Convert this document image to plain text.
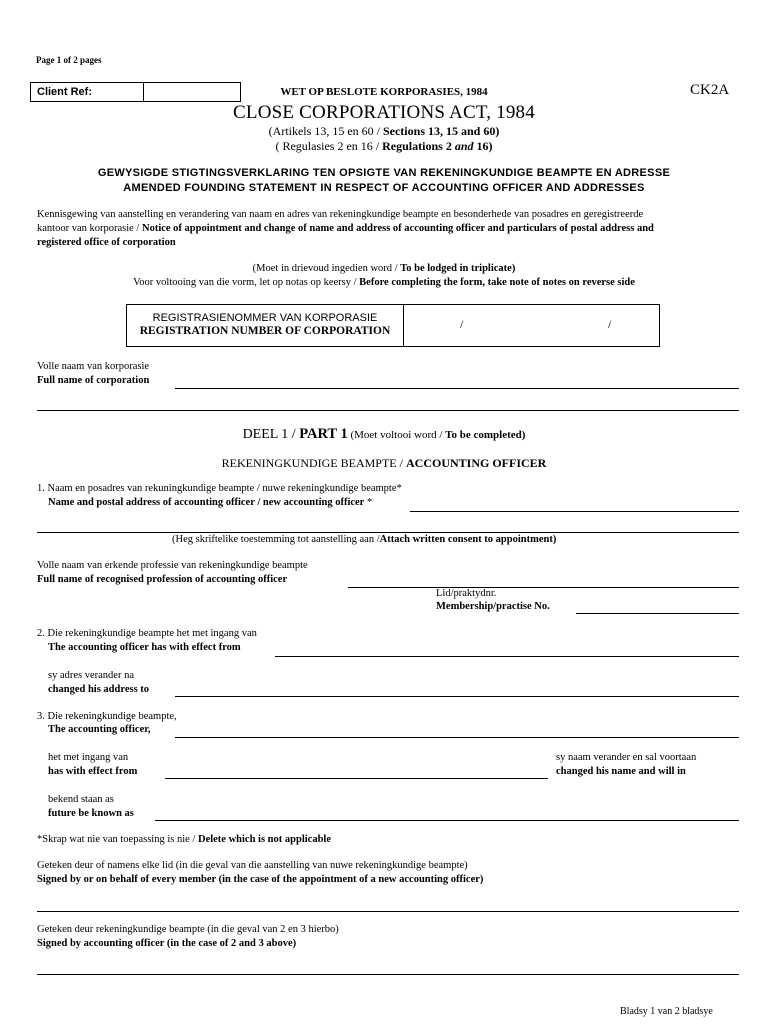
Page 1 of 2 pages
Client Ref:	WET OP BESLOTE KORPORASIES, 1984	CK2A
CLOSE CORPORATIONS ACT, 1984
(Artikels 13, 15 en 60 / Sections 13, 15 and 60)
( Regulasies 2 en 16 / Regulations 2 and 16)
GEWYSIGDE STIGTINGSVERKLARING TEN OPSIGTE VAN REKENINGKUNDIGE BEAMPTE EN ADRESSE
AMENDED FOUNDING STATEMENT IN RESPECT OF ACCOUNTING OFFICER AND ADDRESSES
Kennisgewing van aanstelling en verandering van naam en adres van rekeningkundige beampte en besonderhede van posadres en geregistreerde
kantoor van korporasie / Notice of appointment and change of name and address of accounting officer and particulars of postal address and
registered office of corporation
(Moet in drievoud ingedien word / To be lodged in triplicate)
Voor voltooing van die vorm, let op notas op keersy / Before completing the form, take note of notes on reverse side
REGISTRASIENOMMER VAN KORPORASIE
REGISTRATION NUMBER OF CORPORATION	/	/
Volle naam van korporasie
Full name of corporation
DEEL 1 / PART 1 (Moet voltooi word / To be completed)
REKENINGKUNDIGE BEAMPTE / ACCOUNTING OFFICER
1. Naam en posadres van rekuningkundige beampte / nuwe rekeningkundige beampte*
Name and postal address of accounting officer / new accounting officer *
(Heg skriftelike toestemming tot aanstelling aan /Attach written consent to appointment)
Volle naam van erkende professie van rekeningkundige beampte
Full name of recognised profession of accounting officer
Lid/praktydnr.
Membership/practise No.
2. Die rekeningkundige beampte het met ingang van
The accounting officer has with effect from
sy adres verander na
changed his address to
3. Die rekeningkundige beampte,
The accounting officer,
het met ingang van
has with effect from
sy naam verander en sal voortaan
changed his name and will in
bekend staan as
future be known as
*Skrap wat nie van toepassing is nie / Delete which is not applicable
Geteken deur of namens elke lid (in die geval van die aanstelling van nuwe rekeningkundige beampte)
Signed by or on behalf of every member (in the case of the appointment of a new accounting officer)
Geteken deur rekeningkundige beampte (in die geval van 2 en 3 hierbo)
Signed by accounting officer (in the case of 2 and 3 above)
Bladsy 1 van 2 bladsye
